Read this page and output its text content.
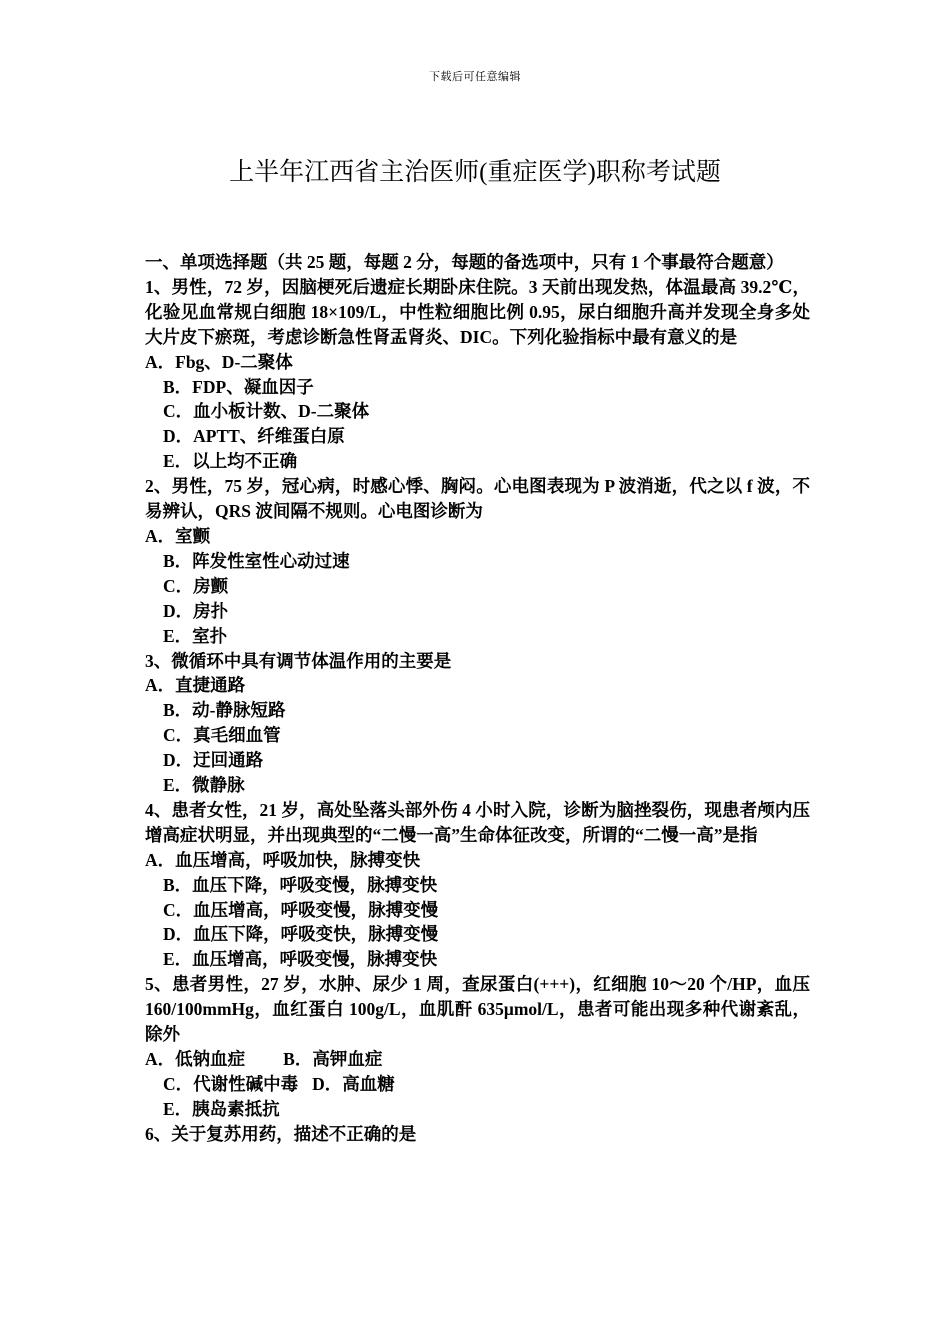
下载后可任意编辑
上半年江西省主治医师(重症医学)职称考试题

一、单项选择题（共 25 题，每题 2 分，每题的备选项中，只有 1 个事最符合题意）

1、男性，72 岁，因脑梗死后遗症长期卧床住院。3 天前出现发热，体温最高 39.2℃，化验见血常规白细胞 18×109/L，中性粒细胞比例 0.95，尿白细胞升高并发现全身多处大片皮下瘀斑，考虑诊断急性肾盂肾炎、DIC。下列化验指标中最有意义的是

A．Fbg、D-二聚体

B．FDP、凝血因子

C．血小板计数、D-二聚体

D．APTT、纤维蛋白原

E．以上均不正确

2、男性，75 岁，冠心病，时感心悸、胸闷。心电图表现为 P 波消逝，代之以 f 波，不易辨认，QRS 波间隔不规则。心电图诊断为

A．室颤

B．阵发性室性心动过速

C．房颤

D．房扑

E．室扑

3、微循环中具有调节体温作用的主要是

A．直捷通路

B．动-静脉短路

C．真毛细血管

D．迂回通路

E．微静脉

4、患者女性，21 岁，高处坠落头部外伤 4 小时入院，诊断为脑挫裂伤，现患者颅内压增高症状明显，并出现典型的“二慢一高”生命体征改变，所谓的“二慢一高”是指

A．血压增高，呼吸加快，脉搏变快

B．血压下降，呼吸变慢，脉搏变快

C．血压增高，呼吸变慢，脉搏变慢

D．血压下降，呼吸变快，脉搏变慢

E．血压增高，呼吸变慢，脉搏变快

5、患者男性，27 岁，水肿、尿少 1 周，查尿蛋白(+++)，红细胞 10～20 个/HP，血压 160/100mmHg，血红蛋白 100g/L，血肌酐 635μmol/L，患者可能出现多种代谢紊乱，除外

A．低钠血症 B．高钾血症

C．代谢性碱中毒 D．高血糖

E．胰岛素抵抗

6、关于复苏用药，描述不正确的是
